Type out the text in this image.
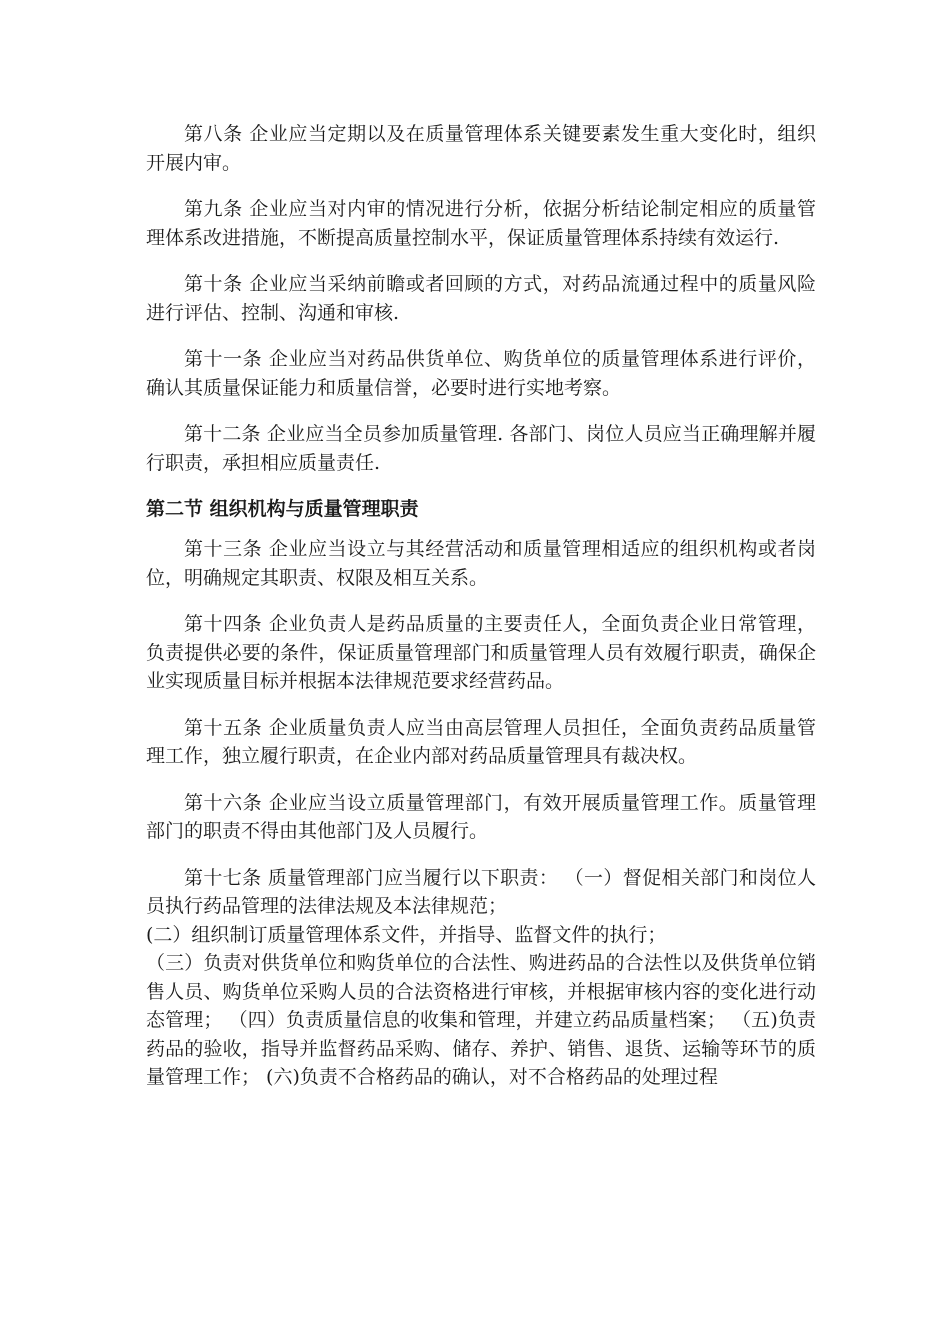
第八条 企业应当定期以及在质量管理体系关键要素发生重大变化时，组织开展内审。

第九条 企业应当对内审的情况进行分析，依据分析结论制定相应的质量管理体系改进措施，不断提高质量控制水平，保证质量管理体系持续有效运行.

第十条 企业应当采纳前瞻或者回顾的方式，对药品流通过程中的质量风险进行评估、控制、沟通和审核.

第十一条 企业应当对药品供货单位、购货单位的质量管理体系进行评价，确认其质量保证能力和质量信誉，必要时进行实地考察。

第十二条 企业应当全员参加质量管理. 各部门、岗位人员应当正确理解并履行职责，承担相应质量责任.

第二节 组织机构与质量管理职责

第十三条 企业应当设立与其经营活动和质量管理相适应的组织机构或者岗位，明确规定其职责、权限及相互关系。

第十四条 企业负责人是药品质量的主要责任人，全面负责企业日常管理，负责提供必要的条件，保证质量管理部门和质量管理人员有效履行职责，确保企业实现质量目标并根据本法律规范要求经营药品。

第十五条 企业质量负责人应当由高层管理人员担任，全面负责药品质量管理工作，独立履行职责，在企业内部对药品质量管理具有裁决权。

第十六条 企业应当设立质量管理部门，有效开展质量管理工作。质量管理部门的职责不得由其他部门及人员履行。

第十七条 质量管理部门应当履行以下职责： （一）督促相关部门和岗位人员执行药品管理的法律法规及本法律规范；

(二）组织制订质量管理体系文件，并指导、监督文件的执行；

（三）负责对供货单位和购货单位的合法性、购进药品的合法性以及供货单位销售人员、购货单位采购人员的合法资格进行审核，并根据审核内容的变化进行动态管理； （四）负责质量信息的收集和管理，并建立药品质量档案； （五)负责药品的验收，指导并监督药品采购、储存、养护、销售、退货、运输等环节的质量管理工作； (六)负责不合格药品的确认，对不合格药品的处理过程
